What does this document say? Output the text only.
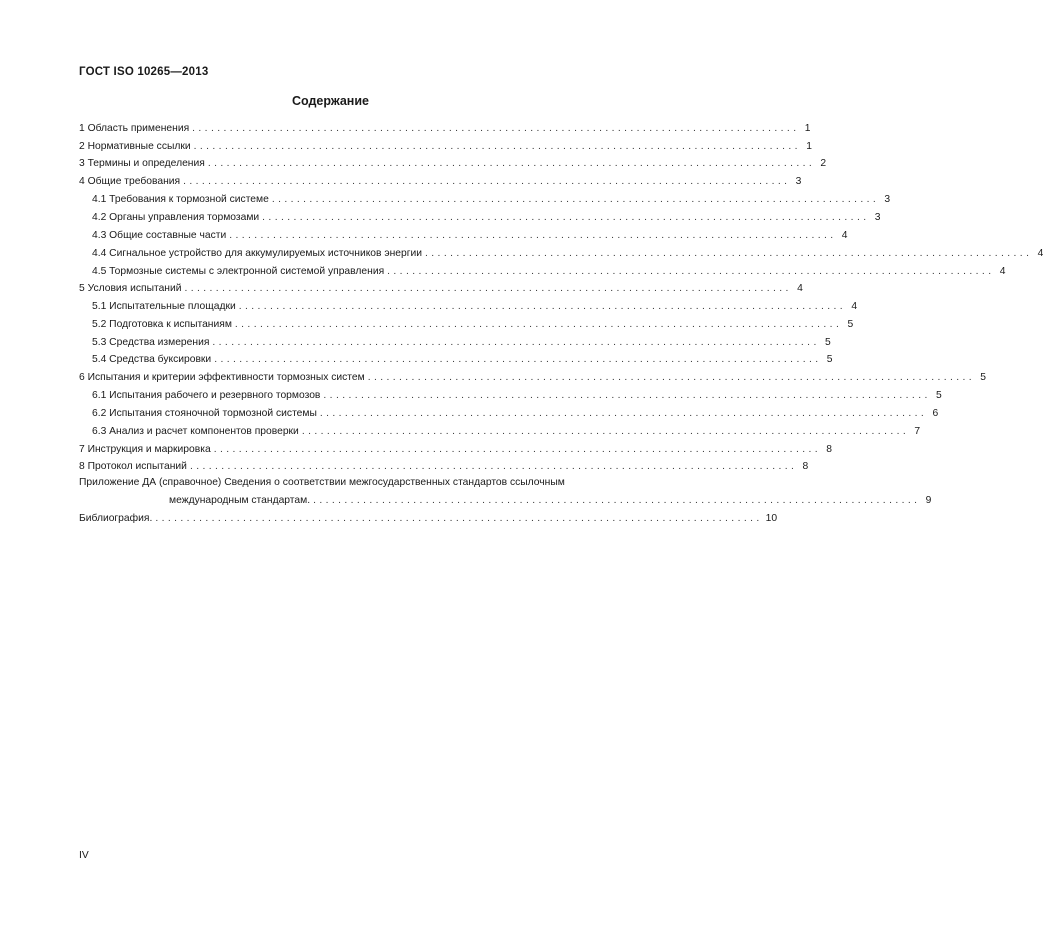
ГОСТ ISO 10265—2013
Содержание
1 Область применения ................................................................................................. 1
2 Нормативные ссылки ................................................................................................. 1
3 Термины и определения ................................................................................................. 2
4 Общие требования ................................................................................................. 3
4.1 Требования к тормозной системе ................................................................................................. 3
4.2 Органы управления тормозами ................................................................................................. 3
4.3 Общие составные части ................................................................................................. 4
4.4 Сигнальное устройство для аккумулируемых источников энергии ................................................................................................. 4
4.5 Тормозные системы с электронной системой управления ................................................................................................. 4
5 Условия испытаний ................................................................................................. 4
5.1 Испытательные площадки ................................................................................................. 4
5.2 Подготовка к испытаниям ................................................................................................. 5
5.3 Средства измерения ................................................................................................. 5
5.4 Средства буксировки ................................................................................................. 5
6 Испытания и критерии эффективности тормозных систем ................................................................................................. 5
6.1 Испытания рабочего и резервного тормозов ................................................................................................. 5
6.2 Испытания стояночной тормозной системы ................................................................................................. 6
6.3 Анализ и расчет компонентов проверки ................................................................................................. 7
7 Инструкция и маркировка ................................................................................................. 8
8 Протокол испытаний ................................................................................................. 8
Приложение ДА (справочное) Сведения о соответствии межгосударственных стандартов ссылочным
международным стандартам. ................................................................................................. 9
Библиография. ................................................................................................. 10
IV
